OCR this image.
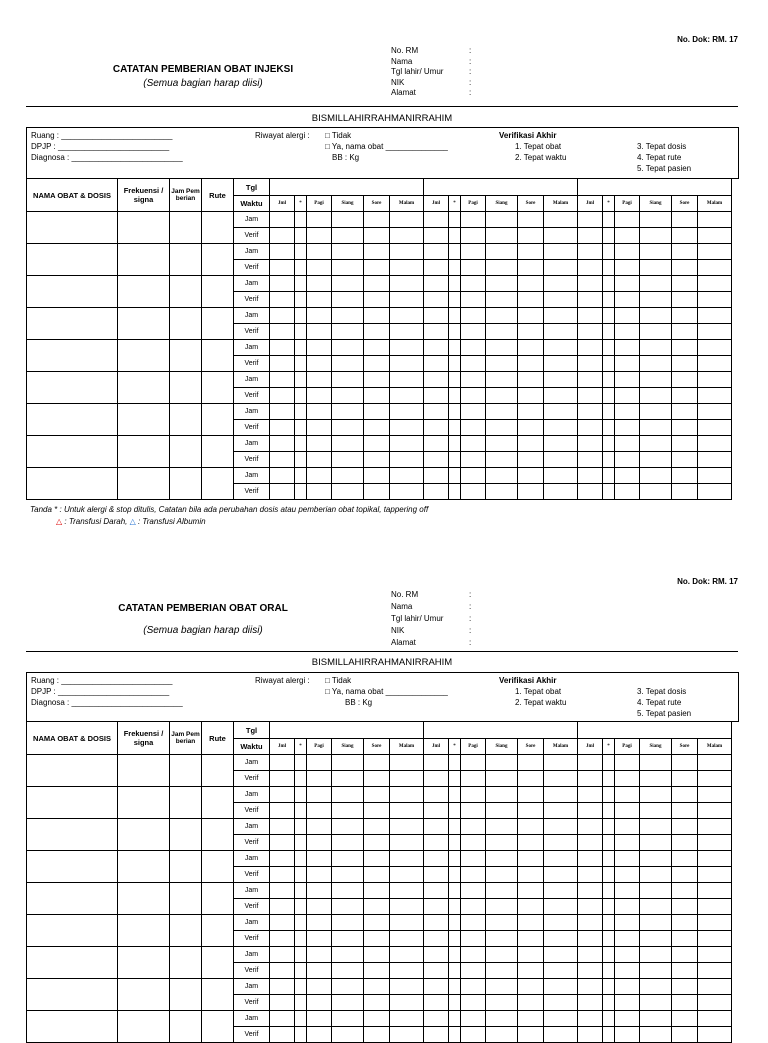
No. Dok: RM. 17
CATATAN PEMBERIAN OBAT INJEKSI
(Semua bagian harap diisi)
No. RM	:
Nama	:
Tgl lahir/ Umur	:
NIK	:
Alamat	:
BISMILLAHIRRAHMANIRRAHIM
Ruang : _________________________
DPJP : _________________________
Diagnosa : _________________________
Riwayat alergi : □ Tidak
□ Ya, nama obat ______________
BB : Kg
Verifikasi Akhir
1. Tepat obat
2. Tepat waktu
3. Tepat dosis
4. Tepat rute
5. Tepat pasien
NAMA OBAT & DOSIS	Frekuensi / signa	Jam Pem berian	Rute	Tgl																		
				Waktu	Jml	*	Pagi	Siang	Sore	Malam	Jml	*	Pagi	Siang	Sore	Malam	Jml	*	Pagi	Siang	Sore	Malam
				Jam																		
				Verif																		
				Jam																		
				Verif																		
				Jam																		
				Verif																		
				Jam																		
				Verif																		
				Jam																		
				Verif																		
				Jam																		
				Verif																		
				Jam																		
				Verif																		
				Jam																		
				Verif																		
				Jam																		
				Verif																		
Tanda * : Untuk alergi & stop ditulis, Catatan bila ada perubahan dosis atau pemberian obat topikal, tappering off
△ : Transfusi Darah, △ : Transfusi Albumin
No. Dok: RM. 17
CATATAN PEMBERIAN OBAT ORAL
(Semua bagian harap diisi)
No. RM	:
Nama	:
Tgl lahir/ Umur	:
NIK	:
Alamat	:
BISMILLAHIRRAHMANIRRAHIM
Ruang : _________________________
DPJP : _________________________
Diagnosa : _________________________
Riwayat alergi : □ Tidak
□ Ya, nama obat ______________
BB : Kg
Verifikasi Akhir
1. Tepat obat
2. Tepat waktu
3. Tepat dosis
4. Tepat rute
5. Tepat pasien
NAMA OBAT & DOSIS	Frekuensi / signa	Jam Pem berian	Rute	Tgl																		
				Waktu	Jml	*	Pagi	Siang	Sore	Malam	Jml	*	Pagi	Siang	Sore	Malam	Jml	*	Pagi	Siang	Sore	Malam
				Jam																		
				Verif																		
				Jam																		
				Verif																		
				Jam																		
				Verif																		
				Jam																		
				Verif																		
				Jam																		
				Verif																		
				Jam																		
				Verif																		
				Jam																		
				Verif																		
				Jam																		
				Verif																		
				Jam																		
				Verif																		
